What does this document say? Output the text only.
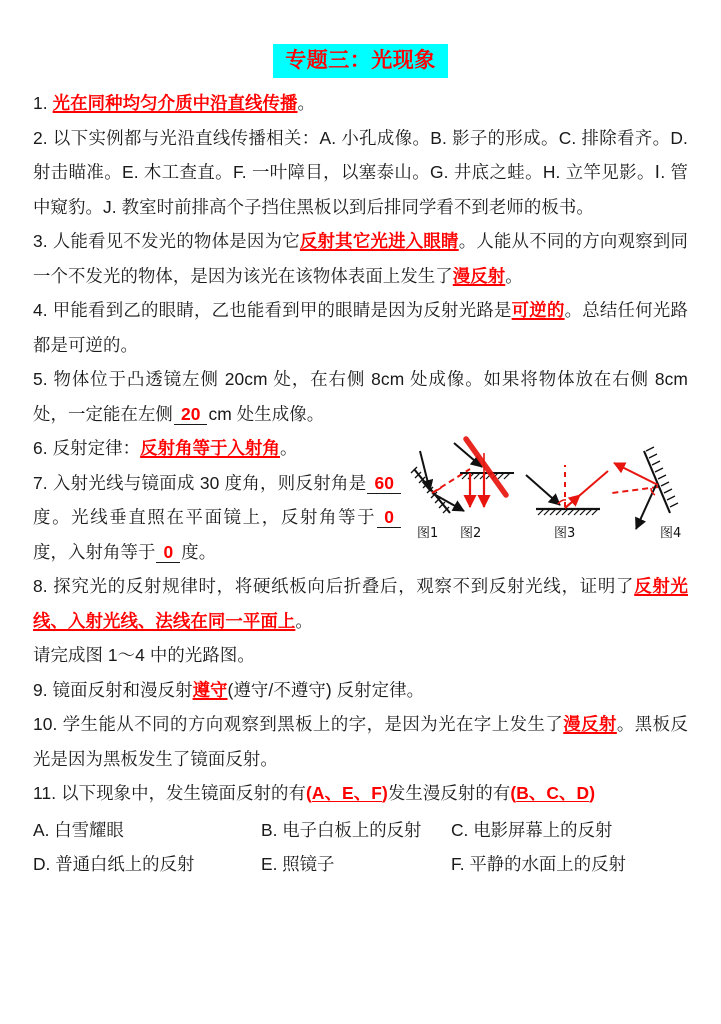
专题三：光现象

1. 光在同种均匀介质中沿直线传播。

2. 以下实例都与光沿直线传播相关：A. 小孔成像。B. 影子的形成。C. 排除看齐。D. 射击瞄准。E. 木工查直。F. 一叶障目，以塞泰山。G. 井底之蛙。H. 立竿见影。Ⅰ. 管中窥豹。J. 教室时前排高个子挡住黑板以到后排同学看不到老师的板书。

3. 人能看见不发光的物体是因为它反射其它光进入眼睛。人能从不同的方向观察到同一个不发光的物体，是因为该光在该物体表面上发生了漫反射。

4. 甲能看到乙的眼睛，乙也能看到甲的眼睛是因为反射光路是可逆的。总结任何光路都是可逆的。

5. 物体位于凸透镜左侧 20cm 处，在右侧 8cm 处成像。如果将物体放在右侧 8cm 处，一定能在左侧 20 cm 处生成像。

图1 图2	图3	图4

6. 反射定律：反射角等于入射角。

7. 入射光线与镜面成 30 度角，则反射角是 60度。光线垂直照在平面镜上，反射角等于 0度，入射角等于 0 度。

8. 探究光的反射规律时，将硬纸板向后折叠后，观察不到反射光线，证明了反射光线、入射光线、法线在同一平面上。

请完成图 1～4 中的光路图。

9. 镜面反射和漫反射遵守(遵守/不遵守) 反射定律。

10. 学生能从不同的方向观察到黑板上的字，是因为光在字上发生了漫反射。黑板反光是因为黑板发生了镜面反射。

11. 以下现象中，发生镜面反射的有(A、E、F)发生漫反射的有(B、C、D)

A. 白雪耀眼	B. 电子白板上的反射	C. 电影屏幕上的反射
D. 普通白纸上的反射	E. 照镜子	F. 平静的水面上的反射
